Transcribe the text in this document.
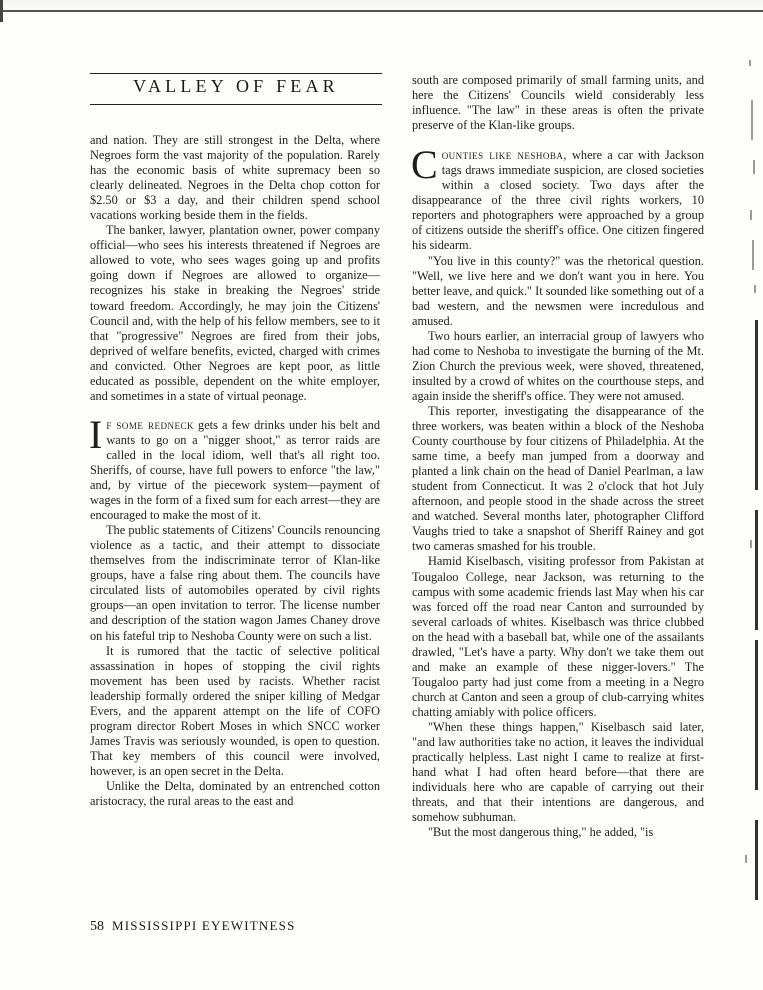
VALLEY OF FEAR

and nation. They are still strongest in the Delta, where Negroes form the vast majority of the population. Rarely has the economic basis of white supremacy been so clearly delineated. Negroes in the Delta chop cotton for $2.50 or $3 a day, and their children spend school vacations working beside them in the fields.

The banker, lawyer, plantation owner, power company official—who sees his interests threatened if Negroes are allowed to vote, who sees wages going up and profits going down if Negroes are allowed to organize—recognizes his stake in breaking the Negroes' stride toward freedom. Accordingly, he may join the Citizens' Council and, with the help of his fellow members, see to it that "progressive" Negroes are fired from their jobs, deprived of welfare benefits, evicted, charged with crimes and convicted. Other Negroes are kept poor, as little educated as possible, dependent on the white employer, and sometimes in a state of virtual peonage.

If some redneck gets a few drinks under his belt and wants to go on a "nigger shoot," as terror raids are called in the local idiom, well that's all right too. Sheriffs, of course, have full powers to enforce "the law," and, by virtue of the piecework system—payment of wages in the form of a fixed sum for each arrest—they are encouraged to make the most of it.

The public statements of Citizens' Councils renouncing violence as a tactic, and their attempt to dissociate themselves from the indiscriminate terror of Klan-like groups, have a false ring about them. The councils have circulated lists of automobiles operated by civil rights groups—an open invitation to terror. The license number and description of the station wagon James Chaney drove on his fateful trip to Neshoba County were on such a list.

It is rumored that the tactic of selective political assassination in hopes of stopping the civil rights movement has been used by racists. Whether racist leadership formally ordered the sniper killing of Medgar Evers, and the apparent attempt on the life of COFO program director Robert Moses in which SNCC worker James Travis was seriously wounded, is open to question. That key members of this council were involved, however, is an open secret in the Delta.

Unlike the Delta, dominated by an entrenched cotton aristocracy, the rural areas to the east and

south are composed primarily of small farming units, and here the Citizens' Councils wield considerably less influence. "The law" in these areas is often the private preserve of the Klan-like groups.

Counties like neshoba, where a car with Jackson tags draws immediate suspicion, are closed societies within a closed society. Two days after the disappearance of the three civil rights workers, 10 reporters and photographers were approached by a group of citizens outside the sheriff's office. One citizen fingered his sidearm.

"You live in this county?" was the rhetorical question. "Well, we live here and we don't want you in here. You better leave, and quick." It sounded like something out of a bad western, and the newsmen were incredulous and amused.

Two hours earlier, an interracial group of lawyers who had come to Neshoba to investigate the burning of the Mt. Zion Church the previous week, were shoved, threatened, insulted by a crowd of whites on the courthouse steps, and again inside the sheriff's office. They were not amused.

This reporter, investigating the disappearance of the three workers, was beaten within a block of the Neshoba County courthouse by four citizens of Philadelphia. At the same time, a beefy man jumped from a doorway and planted a link chain on the head of Daniel Pearlman, a law student from Connecticut. It was 2 o'clock that hot July afternoon, and people stood in the shade across the street and watched. Several months later, photographer Clifford Vaughs tried to take a snapshot of Sheriff Rainey and got two cameras smashed for his trouble.

Hamid Kiselbasch, visiting professor from Pakistan at Tougaloo College, near Jackson, was returning to the campus with some academic friends last May when his car was forced off the road near Canton and surrounded by several carloads of whites. Kiselbasch was thrice clubbed on the head with a baseball bat, while one of the assailants drawled, "Let's have a party. Why don't we take them out and make an example of these nigger-lovers." The Tougaloo party had just come from a meeting in a Negro church at Canton and seen a group of club-carrying whites chatting amiably with police officers.

"When these things happen," Kiselbasch said later, "and law authorities take no action, it leaves the individual practically helpless. Last night I came to realize at first-hand what I had often heard before—that there are individuals here who are capable of carrying out their threats, and that their intentions are dangerous, and somehow subhuman.

"But the most dangerous thing," he added, "is

58 MISSISSIPPI EYEWITNESS
